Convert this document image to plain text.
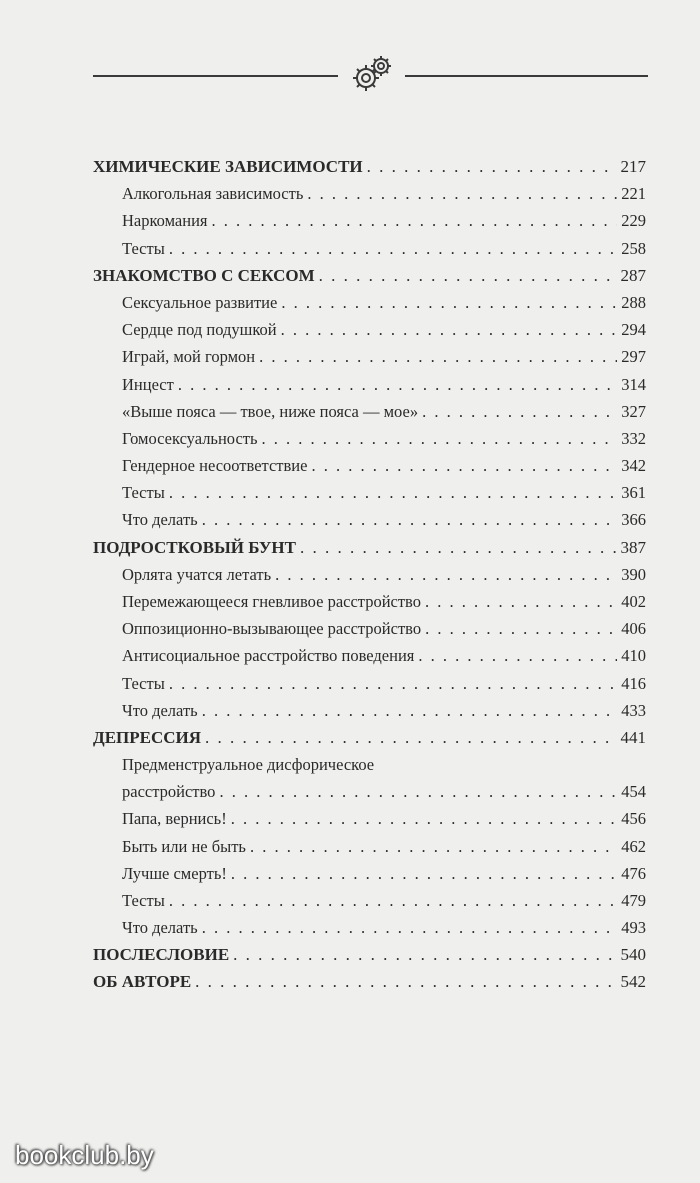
ХИМИЧЕСКИЕ ЗАВИСИМОСТИ . . .	217
Алкогольная зависимость . . .	221
Наркомания . . .	229
Тесты . . .	258
ЗНАКОМСТВО С СЕКСОМ . . .	287
Сексуальное развитие . . .	288
Сердце под подушкой . . .	294
Играй, мой гормон . . .	297
Инцест . . .	314
«Выше пояса — твое, ниже пояса — мое» . . .	327
Гомосексуальность . . .	332
Гендерное несоответствие . . .	342
Тесты . . .	361
Что делать . . .	366
ПОДРОСТКОВЫЙ БУНТ . . .	387
Орлята учатся летать . . .	390
Перемежающееся гневливое расстройство . . .	402
Оппозиционно-вызывающее расстройство . . .	406
Антисоциальное расстройство поведения . . .	410
Тесты . . .	416
Что делать . . .	433
ДЕПРЕССИЯ . . .	441
Предменструальное дисфорическое
расстройство . . .	454
Папа, вернись! . . .	456
Быть или не быть . . .	462
Лучше смерть! . . .	476
Тесты . . .	479
Что делать . . .	493
ПОСЛЕСЛОВИЕ . . .	540
ОБ АВТОРЕ . . .	542
bookclub.by
